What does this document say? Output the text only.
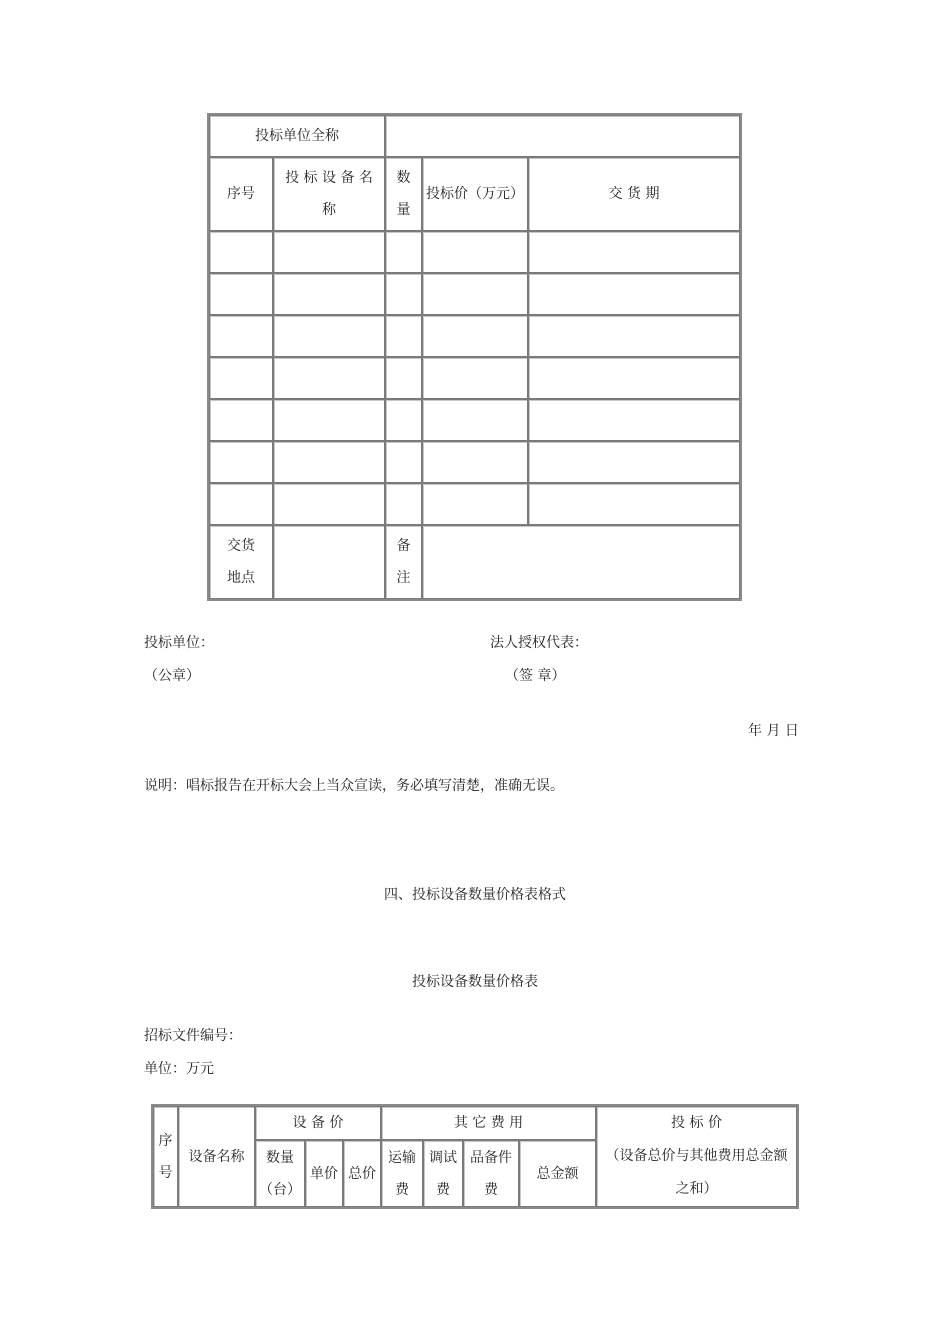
投标单位全称				
序号	投 标 设 备 名 称	数 量	投标价（万元）	交 货 期

交货地点		备注		
投标单位：
（公章）
法人授权代表：
（签 章）
年 月 日
说明：唱标报告在开标大会上当众宣读，务必填写清楚，准确无误。
四、投标设备数量价格表格式
投标设备数量价格表
招标文件编号：
单位：万元
序号	设备名称	设 备 价			其 它 费 用				投 标 价
（设备总价与其他费用总金额之和）

		数量（台）	单价	总价	运输费	调试费	品备件费	总金额	
